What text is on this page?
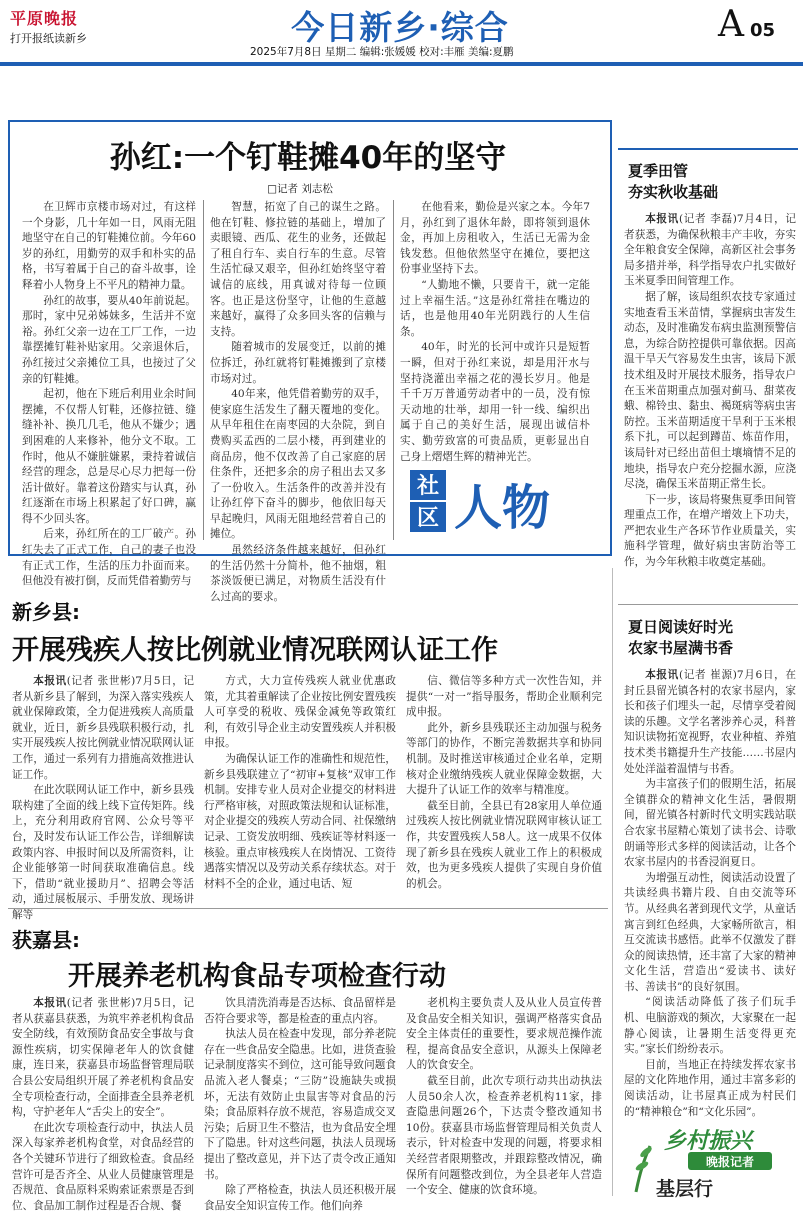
平原晚报
打开报纸读新乡	今日新乡·综合	A 05
2025年7月8日 星期二 编辑:张媛媛 校对:丰雁 美编:夏鹏
孙红:一个钉鞋摊40年的坚守
□记者 刘志松

在卫辉市京楼市场对过，有这样一个身影，几十年如一日，风雨无阻地坚守在自己的钉鞋摊位前。今年60岁的孙红，用勤劳的双手和朴实的品格，书写着属于自己的奋斗故事，诠释着小人物身上不平凡的精神力量。

孙红的故事，要从40年前说起。那时，家中兄弟姊妹多，生活并不宽裕。孙红父亲一边在工厂工作，一边靠摆摊钉鞋补贴家用。父亲退休后，孙红接过父亲摊位工具，也接过了父亲的钉鞋摊。

起初，他在下班后利用业余时间摆摊，不仅帮人钉鞋，还修拉链、缝缝补补、换几几毛，他从不嫌少；遇到困难的人来修补，他分文不取。工作时，他从不嫌脏嫌累，秉持着诚信经营的理念，总是尽心尽力把每一份活计做好。靠着这份踏实与认真，孙红逐渐在市场上积累起了好口碑，赢得不少回头客。

后来，孙红所在的工厂破产。孙红失去了正式工作，自己的妻子也没有正式工作，生活的压力扑面而来。但他没有被打倒，反而凭借着勤劳与

智慧，拓宽了自己的谋生之路。他在钉鞋、修拉链的基础上，增加了卖眼镜、西瓜、花生的业务，还做起了租自行车、卖自行车的生意。尽管生活忙碌又艰辛，但孙红始终坚守着诚信的底线，用真诚对待每一位顾客。也正是这份坚守，让他的生意越来越好，赢得了众多回头客的信赖与支持。

随着城市的发展变迁，以前的摊位拆迁，孙红就将钉鞋摊搬到了京楼市场对过。

40年来，他凭借着勤劳的双手，使家庭生活发生了翻天覆地的变化。从早年租住在南枣园的大杂院，到自费购买孟西的二层小楼，再到建业的商品房，他不仅改善了自己家庭的居住条件，还把多余的房子租出去又多了一份收入。生活条件的改善并没有让孙红停下奋斗的脚步，他依旧每天早起晚归，风雨无阻地经营着自己的摊位。

虽然经济条件越来越好，但孙红的生活仍然十分简朴，他不抽烟，粗茶淡饭便已满足，对物质生活没有什么过高的要求。

在他看来，勤俭是兴家之本。今年7月，孙红到了退休年龄，即将领到退休金，再加上房租收入，生活已无需为金钱发愁。但他依然坚守在摊位，要把这份事业坚持下去。

“人勤地不懒，只要肯干，就一定能过上幸福生活。”这是孙红常挂在嘴边的话，也是他用40年光阴践行的人生信条。

40年，时光的长河中或许只是短暂一瞬，但对于孙红来说，却是用汗水与坚持浇灌出幸福之花的漫长岁月。他是千千万万普通劳动者中的一员，没有惊天动地的壮举，却用一针一线、编织出属于自己的美好生活，展现出诚信朴实、勤劳致富的可贵品质，更彰显出自己身上熠熠生辉的精神光芒。

社
区 人物
夏季田管
夯实秋收基础

本报讯(记者 李磊)7月4日，记者获悉，为确保秋粮丰产丰收，夯实全年粮食安全保障，高新区社会事务局多措并举，科学指导农户扎实做好玉米夏季田间管理工作。

据了解，该局组织农技专家通过实地查看玉米苗情，掌握病虫害发生动态，及时准确发布病虫监测预警信息，为综合防控提供可靠依据。因高温干旱天气容易发生虫害，该局下派技术组及时开展技术服务，指导农户在玉米苗期重点加强对蓟马、甜菜夜蛾、棉铃虫、黏虫、褐斑病等病虫害防控。玉米苗期适度干旱利于玉米根系下扎，可以起到蹲苗、炼苗作用，该局针对已经出苗但土壤墒情不足的地块，指导农户充分挖掘水源，应浇尽浇，确保玉米苗期正常生长。

下一步，该局将聚焦夏季田间管理重点工作，在增产增效上下功夫，严把农业生产各环节作业质量关，实施科学管理，做好病虫害防治等工作，为今年秋粮丰收奠定基础。

夏日阅读好时光
农家书屋满书香

本报讯(记者 崔源)7月6日，在封丘县留光镇各村的农家书屋内，家长和孩子们埋头一起，尽情享受着阅读的乐趣。文学名著涉养心灵，科普知识读物拓宽视野，农业种植、养殖技术类书籍提升生产技能……书屋内处处洋溢着温情与书香。

为丰富孩子们的假期生活，拓展全镇群众的精神文化生活，暑假期间，留光镇各村新时代文明实践站联合农家书屋精心策划了读书会、诗歌朗诵等形式多样的阅读活动，让各个农家书屋内的书香浸润夏日。

为增强互动性，阅读活动设置了共读经典书籍片段、自由交流等环节。从经典名著到现代文学，从童话寓言到红色经典，大家畅所欲言，相互交流读书感悟。此举不仅激发了群众的阅读热情，还丰富了大家的精神文化生活，营造出“爱读书、读好书、善读书”的良好氛围。

“阅读活动降低了孩子们玩手机、电脑游戏的频次，大家聚在一起静心阅读，让暑期生活变得更充实。”家长们纷纷表示。

目前，当地正在持续发挥农家书屋的文化阵地作用，通过丰富多彩的阅读活动，让书屋真正成为村民们的“精神粮仓”和“文化乐园”。

乡村振兴
晚报记者
基层行
新乡县:
开展残疾人按比例就业情况联网认证工作

本报讯(记者 张世彬)7月5日，记者从新乡县了解到，为深入落实残疾人就业保障政策，全力促进残疾人高质量就业，近日，新乡县残联积极行动，扎实开展残疾人按比例就业情况联网认证工作，通过一系列有力措施高效推进认证工作。

在此次联网认证工作中，新乡县残联构建了全面的线上线下宣传矩阵。线上，充分利用政府官网、公众号等平台，及时发布认证工作公告，详细解读政策内容、申报时间以及所需资料，让企业能够第一时间获取准确信息。线下，借助“就业援助月”、招聘会等活动，通过展板展示、手册发放、现场讲解等

方式，大力宣传残疾人就业优惠政策，尤其着重解读了企业按比例安置残疾人可享受的税收、残保金减免等政策红利，有效引导企业主动安置残疾人并积极申报。

为确保认证工作的准确性和规范性，新乡县残联建立了“初审+复核”双审工作机制。安排专业人员对企业提交的材料进行严格审核，对照政策法规和认证标准，对企业提交的残疾人劳动合同、社保缴纳记录、工资发放明细、残疾证等材料逐一核验。重点审核残疾人在岗情况、工资待遇落实情况以及劳动关系存续状态。对于材料不全的企业，通过电话、短

信、微信等多种方式一次性告知，并提供“一对一”指导服务，帮助企业顺利完成申报。

此外，新乡县残联还主动加强与税务等部门的协作，不断完善数据共享和协同机制。及时推送审核通过企业名单，定期核对企业缴纳残疾人就业保障金数据，大大提升了认证工作的效率与精准度。

截至目前，全县已有28家用人单位通过残疾人按比例就业情况联网审核认证工作，共安置残疾人58人。这一成果不仅体现了新乡县在残疾人就业工作上的积极成效，也为更多残疾人提供了实现自身价值的机会。

获嘉县:
开展养老机构食品专项检查行动

本报讯(记者 张世彬)7月5日，记者从获嘉县获悉，为筑牢养老机构食品安全防线，有效预防食品安全事故与食源性疾病，切实保障老年人的饮食健康，连日来，获嘉县市场监督管理局联合县公安局组织开展了养老机构食品安全专项检查行动，全面排查全县养老机构，守护老年人“舌尖上的安全”。

在此次专项检查行动中，执法人员深入每家养老机构食堂，对食品经营的各个关键环节进行了细致检查。食品经营许可是否齐全、从业人员健康管理是否规范、食品原料采购索证索票是否到位、食品加工制作过程是否合规、餐

饮具清洗消毒是否达标、食品留样是否符合要求等，都是检查的重点内容。

执法人员在检查中发现，部分养老院存在一些食品安全隐患。比如，进货查验记录制度落实不到位，这可能导致问题食品流入老人餐桌；“三防”设施缺失或损坏，无法有效防止虫鼠害等对食品的污染；食品原料存放不规范，容易造成交叉污染；后厨卫生不整洁，也为食品安全埋下了隐患。针对这些问题，执法人员现场提出了整改意见，并下达了责令改正通知书。

除了严格检查，执法人员还积极开展食品安全知识宣传工作。他们向养

老机构主要负责人及从业人员宣传普及食品安全相关知识，强调严格落实食品安全主体责任的重要性，要求规范操作流程，提高食品安全意识，从源头上保障老人的饮食安全。

截至目前，此次专项行动共出动执法人员50余人次，检查养老机构11家，排查隐患问题26个，下达责令整改通知书10份。获嘉县市场监督管理局相关负责人表示，针对检查中发现的问题，将要求相关经营者限期整改，并跟踪整改情况，确保所有问题整改到位，为全县老年人营造一个安全、健康的饮食环境。
